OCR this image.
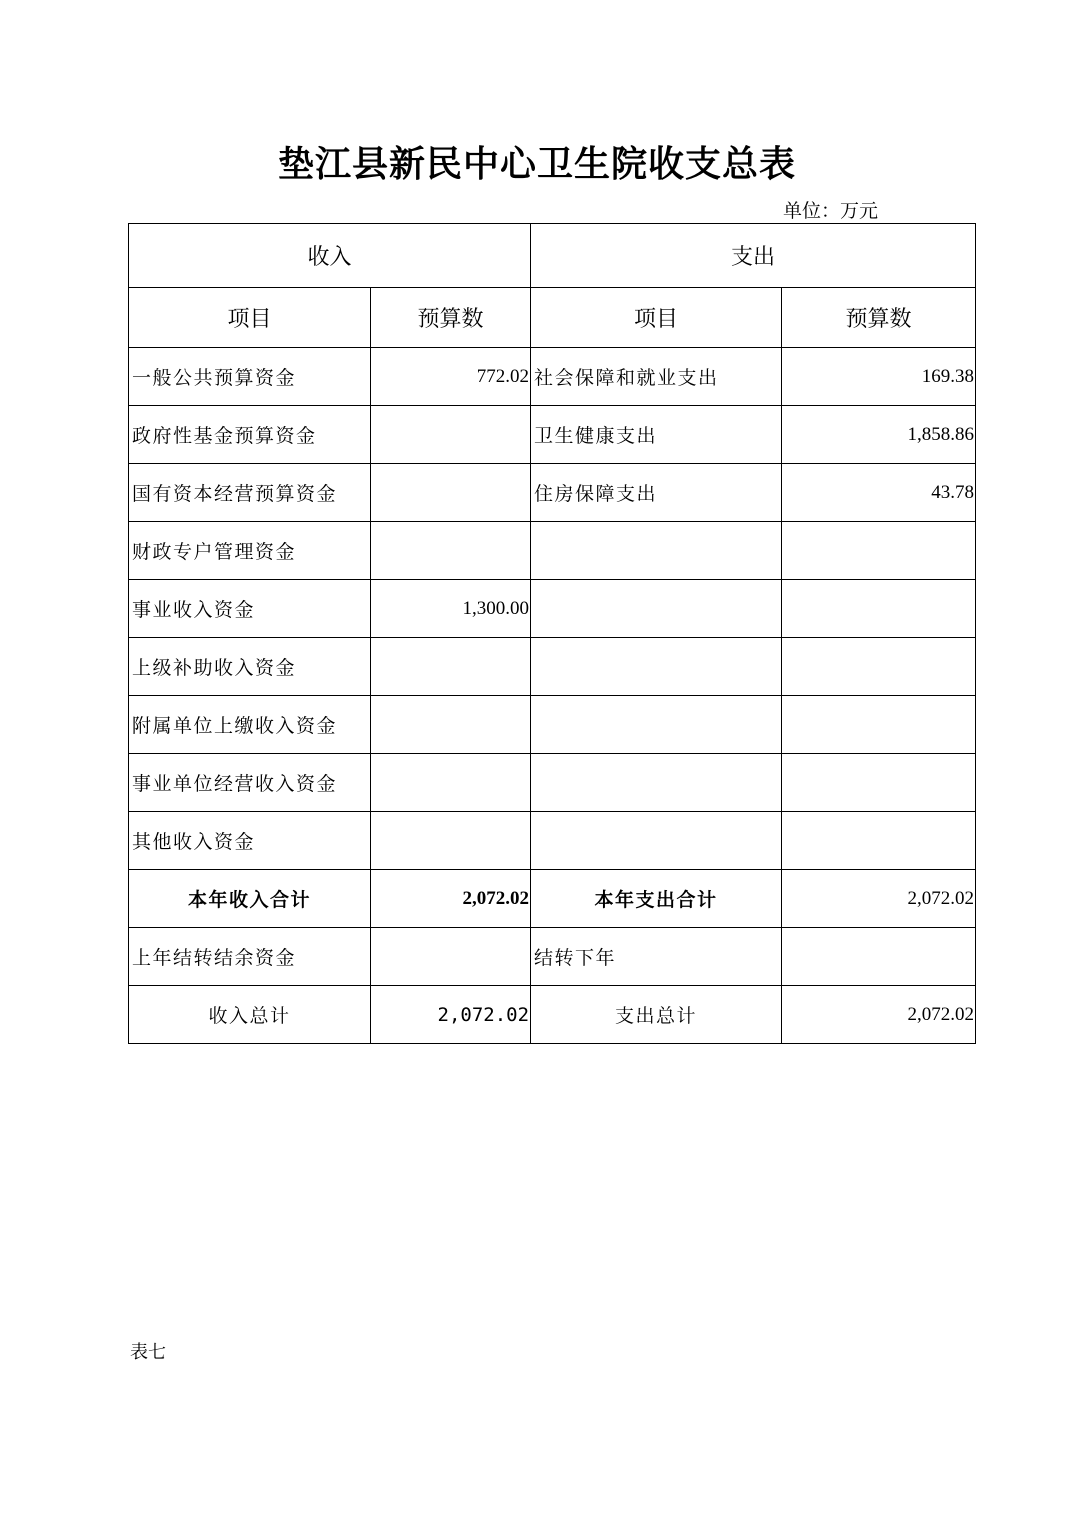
垫江县新民中心卫生院收支总表
单位：万元
收入		支出	
项目	预算数	项目	预算数
一般公共预算资金	772.02	社会保障和就业支出	169.38
政府性基金预算资金		卫生健康支出	1,858.86
国有资本经营预算资金		住房保障支出	43.78
财政专户管理资金			
事业收入资金	1,300.00		
上级补助收入资金			
附属单位上缴收入资金			
事业单位经营收入资金			
其他收入资金			
本年收入合计	2,072.02	本年支出合计	2,072.02
上年结转结余资金		结转下年	
收入总计	2,072.02	支出总计	2,072.02
表七
